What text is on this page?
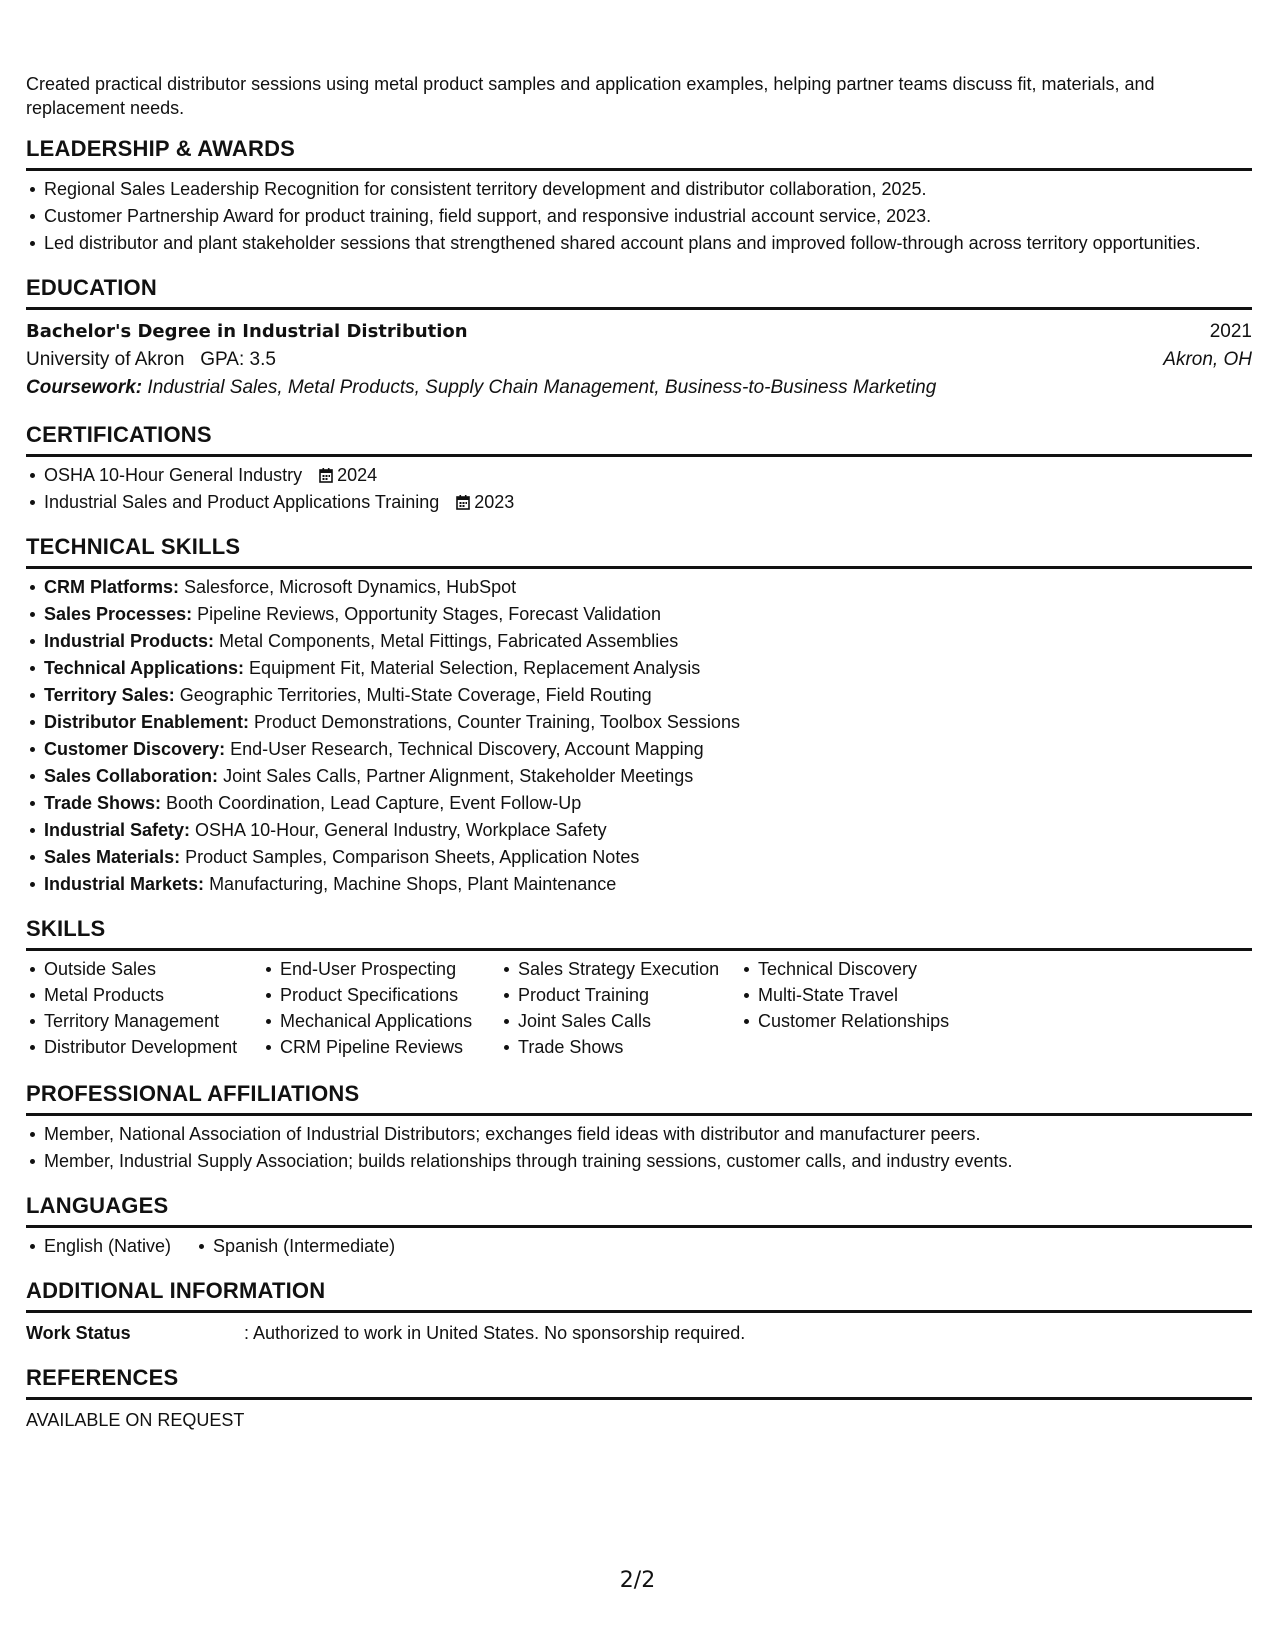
Created practical distributor sessions using metal product samples and application examples, helping partner teams discuss fit, materials, and replacement needs.

LEADERSHIP & AWARDS
Regional Sales Leadership Recognition for consistent territory development and distributor collaboration, 2025.
Customer Partnership Award for product training, field support, and responsive industrial account service, 2023.
Led distributor and plant stakeholder sessions that strengthened shared account plans and improved follow-through across territory opportunities.
EDUCATION
Bachelor's Degree in Industrial Distribution	2021
University of Akron GPA: 3.5	Akron, OH
Coursework: Industrial Sales, Metal Products, Supply Chain Management, Business-to-Business Marketing
CERTIFICATIONS
OSHA 10-Hour General Industry 2024
Industrial Sales and Product Applications Training 2023
TECHNICAL SKILLS
CRM Platforms: Salesforce, Microsoft Dynamics, HubSpot
Sales Processes: Pipeline Reviews, Opportunity Stages, Forecast Validation
Industrial Products: Metal Components, Metal Fittings, Fabricated Assemblies
Technical Applications: Equipment Fit, Material Selection, Replacement Analysis
Territory Sales: Geographic Territories, Multi-State Coverage, Field Routing
Distributor Enablement: Product Demonstrations, Counter Training, Toolbox Sessions
Customer Discovery: End-User Research, Technical Discovery, Account Mapping
Sales Collaboration: Joint Sales Calls, Partner Alignment, Stakeholder Meetings
Trade Shows: Booth Coordination, Lead Capture, Event Follow-Up
Industrial Safety: OSHA 10-Hour, General Industry, Workplace Safety
Sales Materials: Product Samples, Comparison Sheets, Application Notes
Industrial Markets: Manufacturing, Machine Shops, Plant Maintenance
SKILLS
Outside Sales
Metal Products
Territory Management
Distributor Development
End-User Prospecting
Product Specifications
Mechanical Applications
CRM Pipeline Reviews
Sales Strategy Execution
Product Training
Joint Sales Calls
Trade Shows
Technical Discovery
Multi-State Travel
Customer Relationships
PROFESSIONAL AFFILIATIONS
Member, National Association of Industrial Distributors; exchanges field ideas with distributor and manufacturer peers.
Member, Industrial Supply Association; builds relationships through training sessions, customer calls, and industry events.
LANGUAGES
English (Native) Spanish (Intermediate)
ADDITIONAL INFORMATION
Work Status	: Authorized to work in United States. No sponsorship required.
REFERENCES
AVAILABLE ON REQUEST
2/2
